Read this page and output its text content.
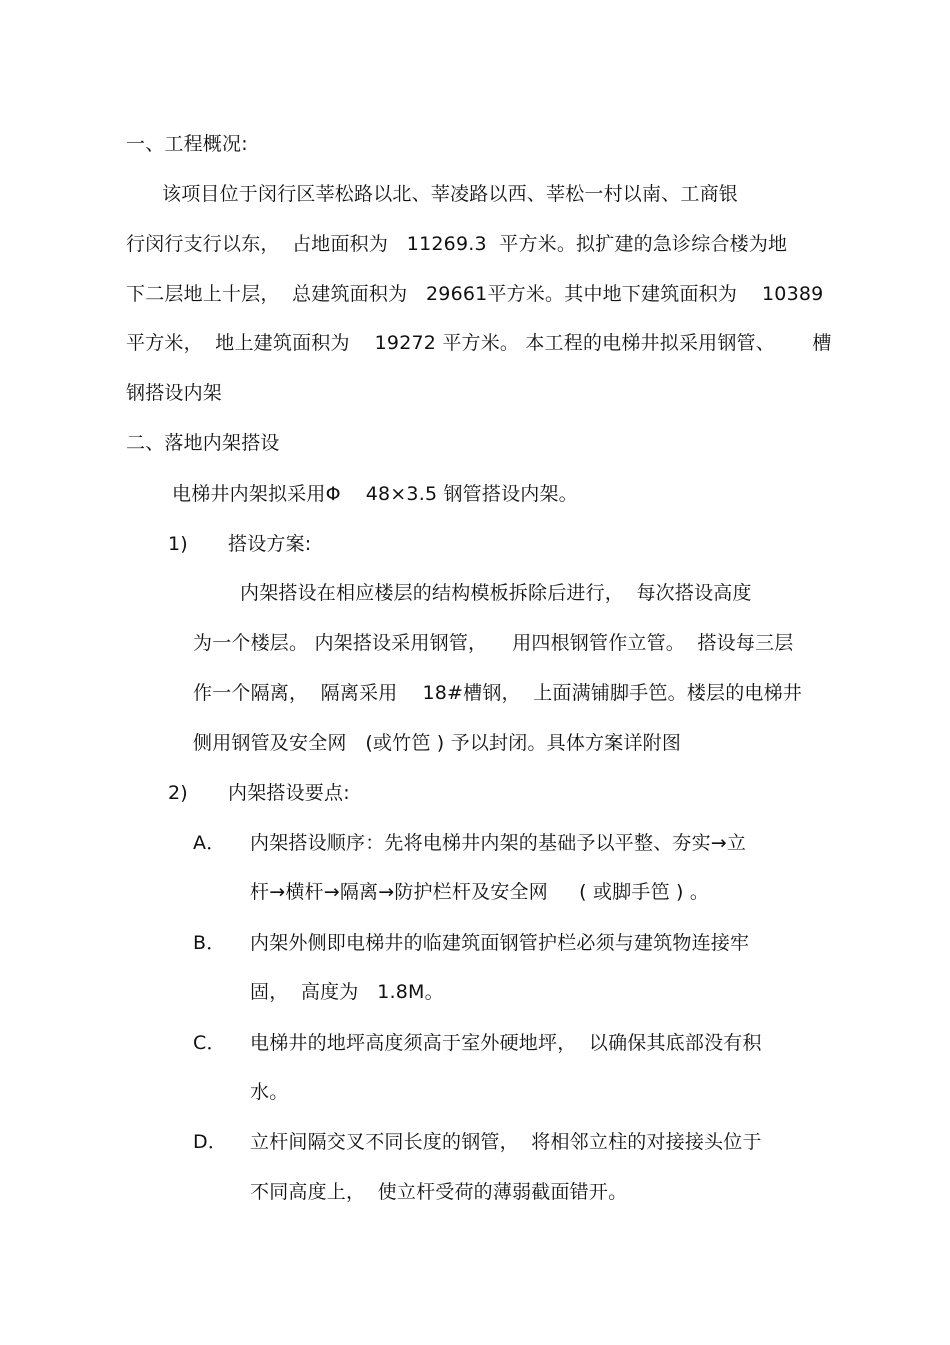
一、工程概况:
该项目位于闵行区莘松路以北、莘凌路以西、莘松一村以南、工商银
行闵行支行以东，  占地面积为   11269.3  平方米。拟扩建的急诊综合楼为地
下二层地上十层，  总建筑面积为   29661平方米。其中地下建筑面积为    10389
平方米，  地上建筑面积为    19272 平方米。 本工程的电梯井拟采用钢管、      槽
钢搭设内架
二、落地内架搭设
电梯井内架拟采用Φ    48×3.5 钢管搭设内架。
1) 搭设方案:
内架搭设在相应楼层的结构模板拆除后进行，  每次搭设高度
为一个楼层。 内架搭设采用钢管，    用四根钢管作立管。  搭设每三层
作一个隔离，  隔离采用    18#槽钢，  上面满铺脚手笆。楼层的电梯井
侧用钢管及安全网   (或竹笆 ) 予以封闭。具体方案详附图
2) 内架搭设要点:
A． 内架搭设顺序：先将电梯井内架的基础予以平整、夯实→立
杆→横杆→隔离→防护栏杆及安全网     ( 或脚手笆 ) 。
B． 内架外侧即电梯井的临建筑面钢管护栏必须与建筑物连接牢
固，  高度为   1.8M。
C． 电梯井的地坪高度须高于室外硬地坪，  以确保其底部没有积
水。
D． 立杆间隔交叉不同长度的钢管，  将相邻立柱的对接接头位于
不同高度上，  使立杆受荷的薄弱截面错开。
